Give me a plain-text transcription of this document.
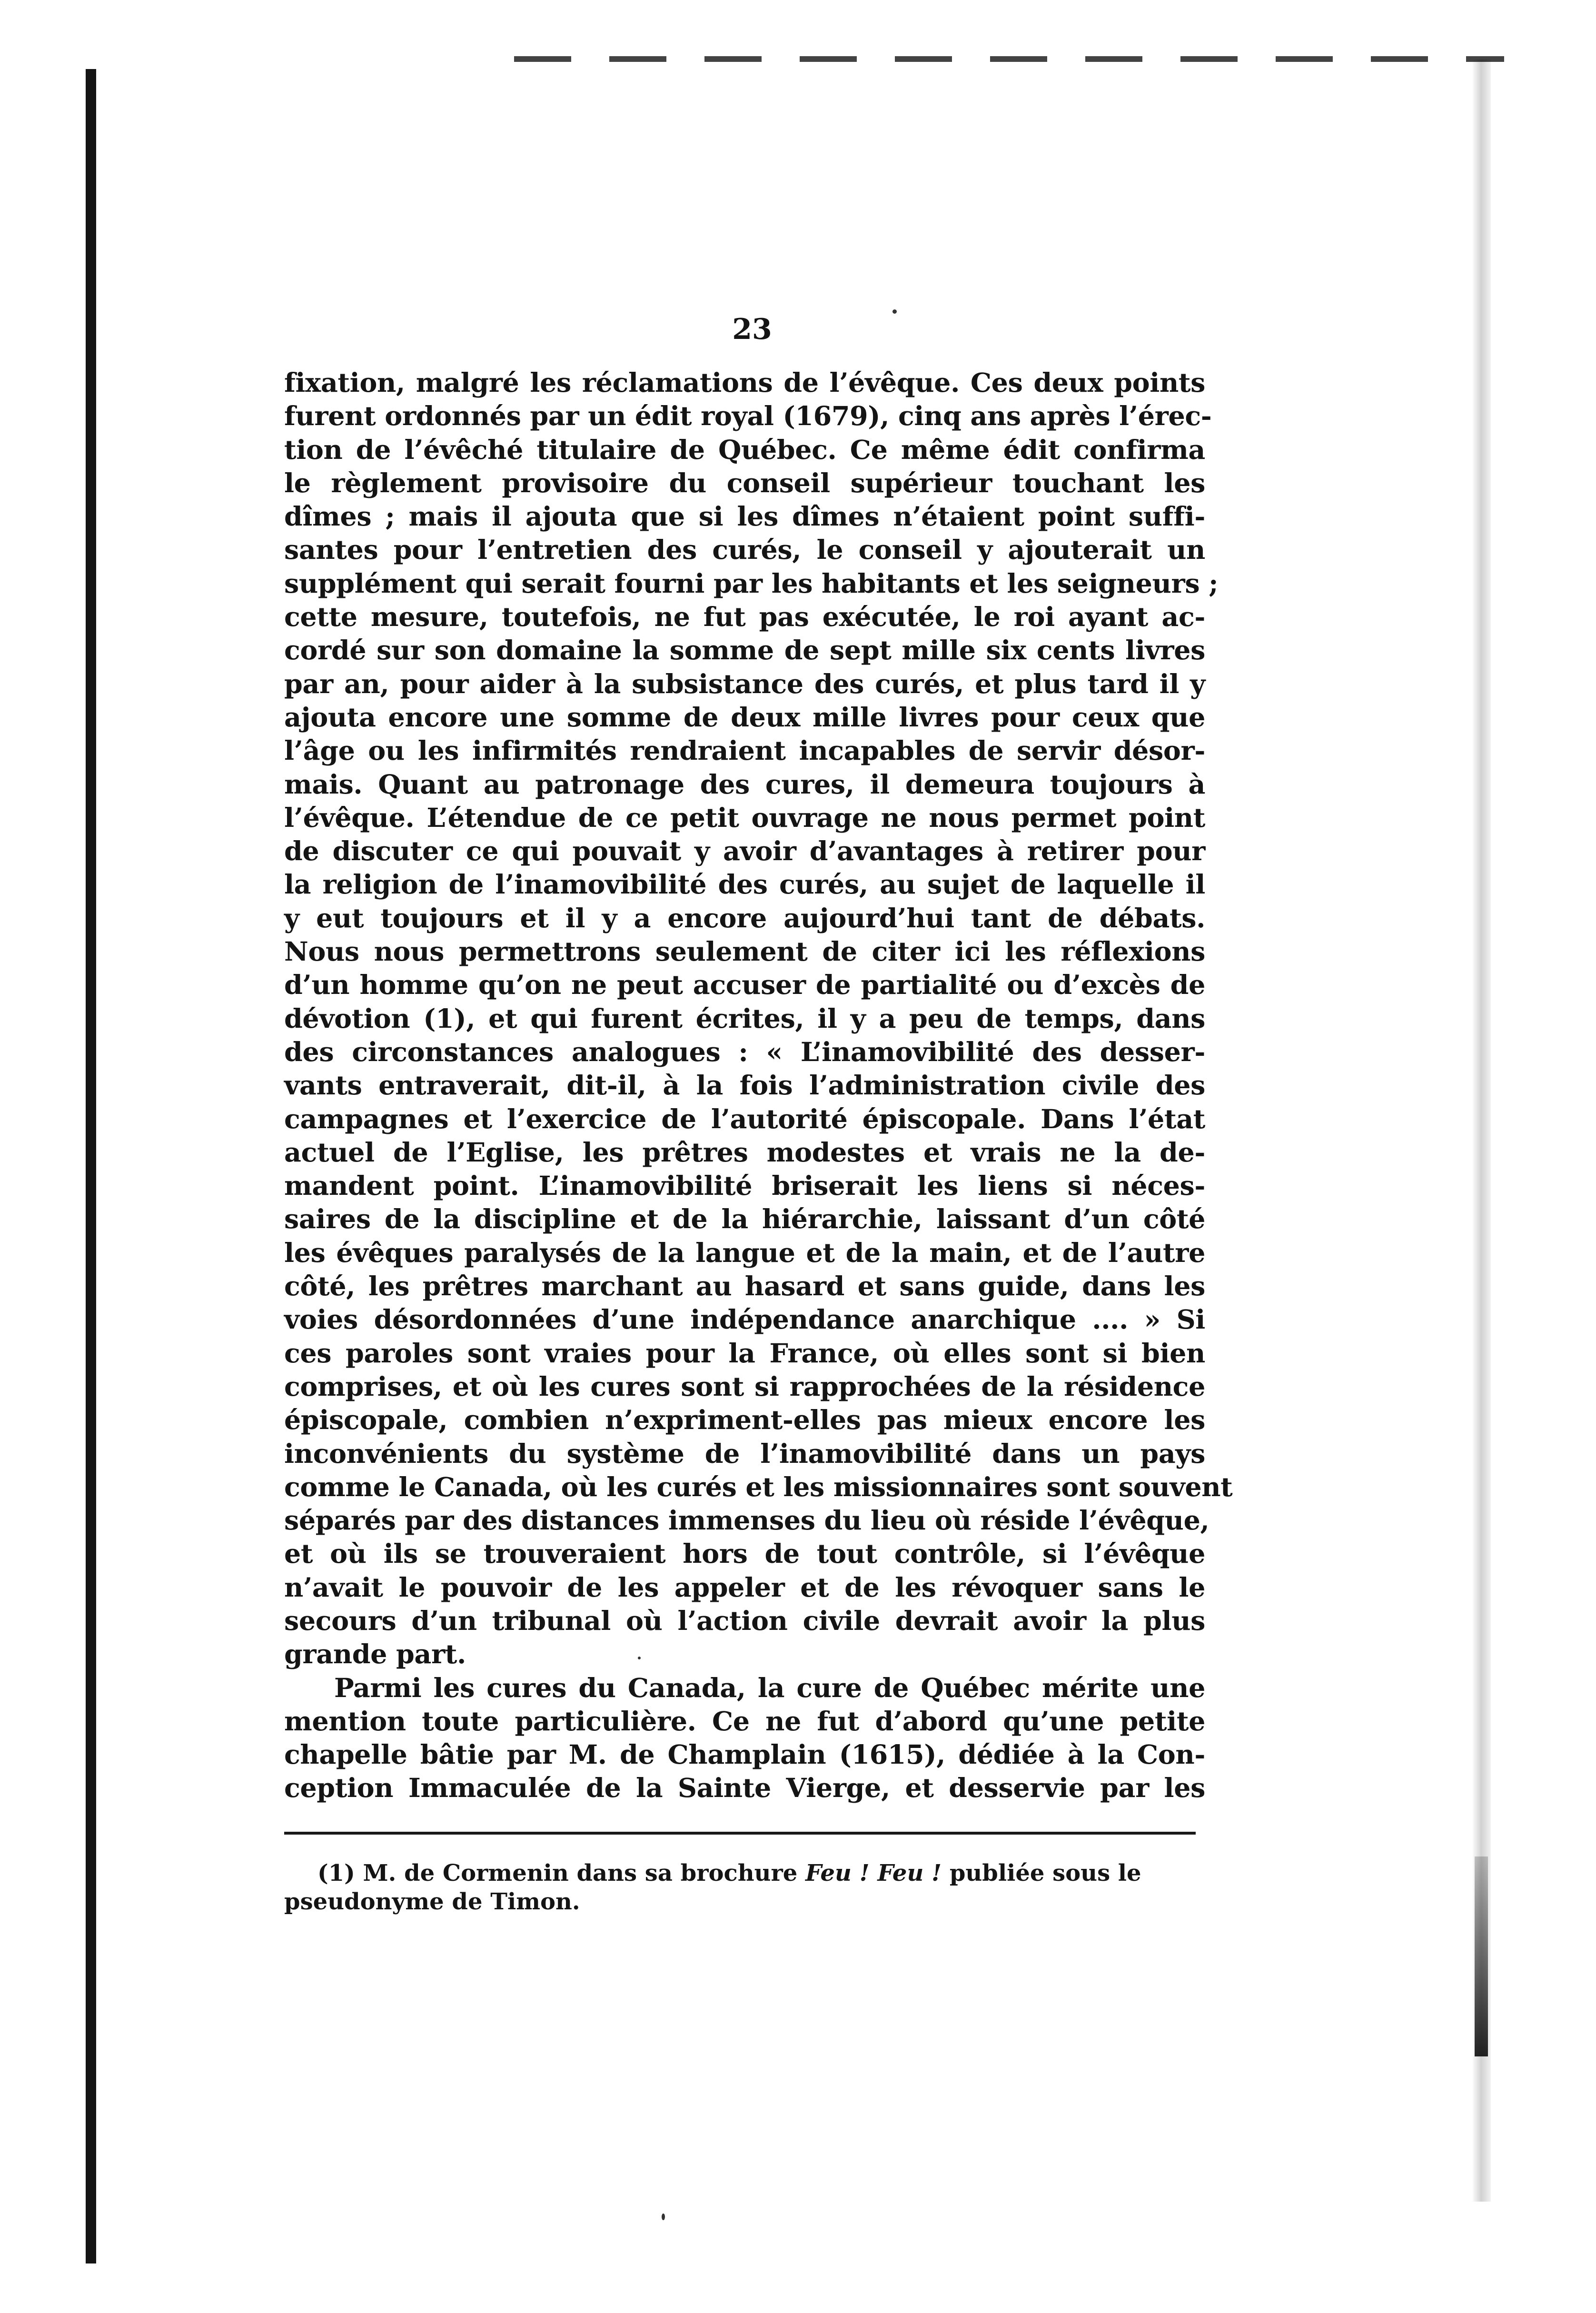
23
fixation, malgré les réclamations de l’évêque. Ces deux points
furent ordonnés par un édit royal (1679), cinq ans après l’érec-
tion de l’évêché titulaire de Québec. Ce même édit confirma
le règlement provisoire du conseil supérieur touchant les
dîmes ; mais il ajouta que si les dîmes n’étaient point suffi-
santes pour l’entretien des curés, le conseil y ajouterait un
supplément qui serait fourni par les habitants et les seigneurs ;
cette mesure, toutefois, ne fut pas exécutée, le roi ayant ac-
cordé sur son domaine la somme de sept mille six cents livres
par an, pour aider à la subsistance des curés, et plus tard il y
ajouta encore une somme de deux mille livres pour ceux que
l’âge ou les infirmités rendraient incapables de servir désor-
mais. Quant au patronage des cures, il demeura toujours à
l’évêque. L’étendue de ce petit ouvrage ne nous permet point
de discuter ce qui pouvait y avoir d’avantages à retirer pour
la religion de l’inamovibilité des curés, au sujet de laquelle il
y eut toujours et il y a encore aujourd’hui tant de débats.
Nous nous permettrons seulement de citer ici les réflexions
d’un homme qu’on ne peut accuser de partialité ou d’excès de
dévotion (1), et qui furent écrites, il y a peu de temps, dans
des circonstances analogues : « L’inamovibilité des desser-
vants entraverait, dit-il, à la fois l’administration civile des
campagnes et l’exercice de l’autorité épiscopale. Dans l’état
actuel de l’Eglise, les prêtres modestes et vrais ne la de-
mandent point. L’inamovibilité briserait les liens si néces-
saires de la discipline et de la hiérarchie, laissant d’un côté
les évêques paralysés de la langue et de la main, et de l’autre
côté, les prêtres marchant au hasard et sans guide, dans les
voies désordonnées d’une indépendance anarchique .... » Si
ces paroles sont vraies pour la France, où elles sont si bien
comprises, et où les cures sont si rapprochées de la résidence
épiscopale, combien n’expriment-elles pas mieux encore les
inconvénients du système de l’inamovibilité dans un pays
comme le Canada, où les curés et les missionnaires sont souvent
séparés par des distances immenses du lieu où réside l’évêque,
et où ils se trouveraient hors de tout contrôle, si l’évêque
n’avait le pouvoir de les appeler et de les révoquer sans le
secours d’un tribunal où l’action civile devrait avoir la plus
grande part.
Parmi les cures du Canada, la cure de Québec mérite une
mention toute particulière. Ce ne fut d’abord qu’une petite
chapelle bâtie par M. de Champlain (1615), dédiée à la Con-
ception Immaculée de la Sainte Vierge, et desservie par les
(1) M. de Cormenin dans sa brochure Feu ! Feu ! publiée sous le
pseudonyme de Timon.
